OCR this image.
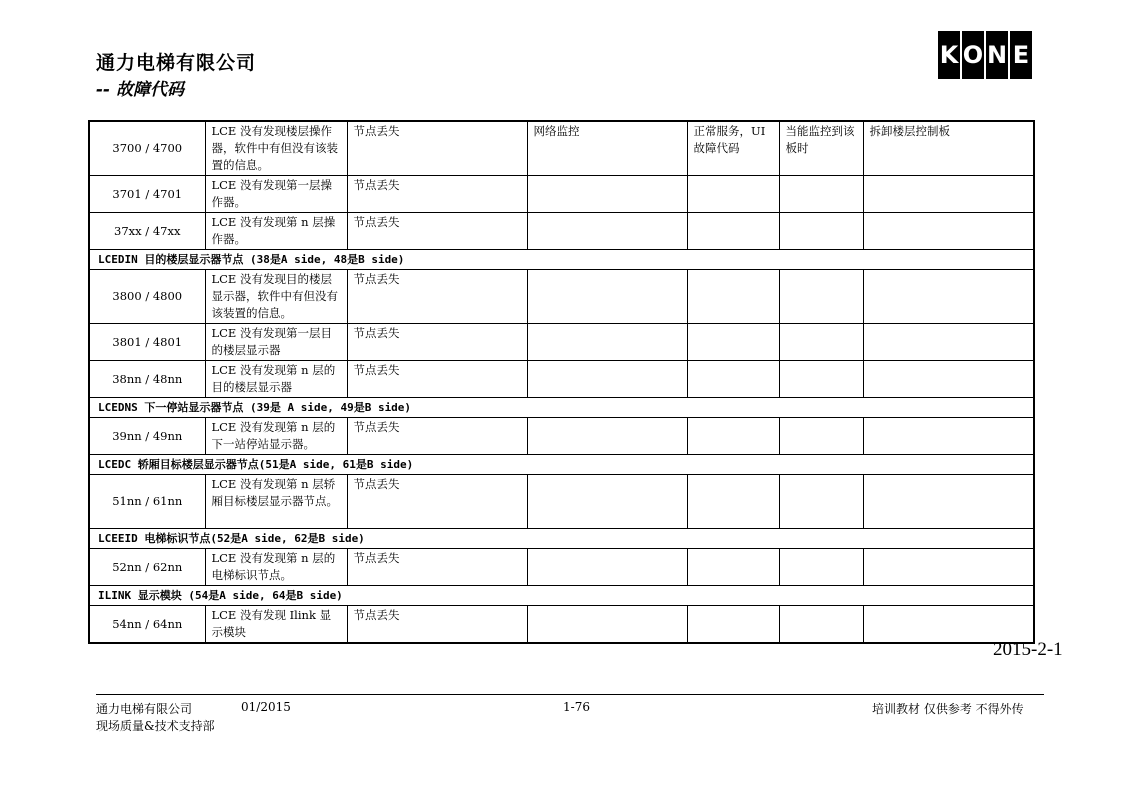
通力电梯有限公司
-- 故障代码
K O N E
3700 / 4700	LCE 没有发现楼层操作器，软件中有但没有该装置的信息。	节点丢失	网络监控	正常服务，UI 故障代码	当能监控到该板时	拆卸楼层控制板
3701 / 4701	LCE 没有发现第一层操作器。	节点丢失				
37xx / 47xx	LCE 没有发现第 n 层操作器。	节点丢失				
LCEDIN 目的楼层显示器节点 (38是A side, 48是B side)						
3800 / 4800	LCE 没有发现目的楼层显示器，软件中有但没有该装置的信息。	节点丢失				
3801 / 4801	LCE 没有发现第一层目的楼层显示器	节点丢失				
38nn / 48nn	LCE 没有发现第 n 层的目的楼层显示器	节点丢失				
LCEDNS 下一停站显示器节点 (39是 A side, 49是B side)						
39nn / 49nn	LCE 没有发现第 n 层的下一站停站显示器。	节点丢失				
LCEDC 轿厢目标楼层显示器节点(51是A side, 61是B side)						
51nn / 61nn	LCE 没有发现第 n 层轿厢目标楼层显示器节点。	节点丢失				
LCEEID 电梯标识节点(52是A side, 62是B side)						
52nn / 62nn	LCE 没有发现第 n 层的电梯标识节点。	节点丢失				
ILINK 显示模块 (54是A side, 64是B side)						
54nn / 64nn	LCE 没有发现 Ilink 显示模块	节点丢失				
2015-2-1
通力电梯有限公司	01/2015	1-76	培训教材 仅供参考 不得外传
现场质量&技术支持部
